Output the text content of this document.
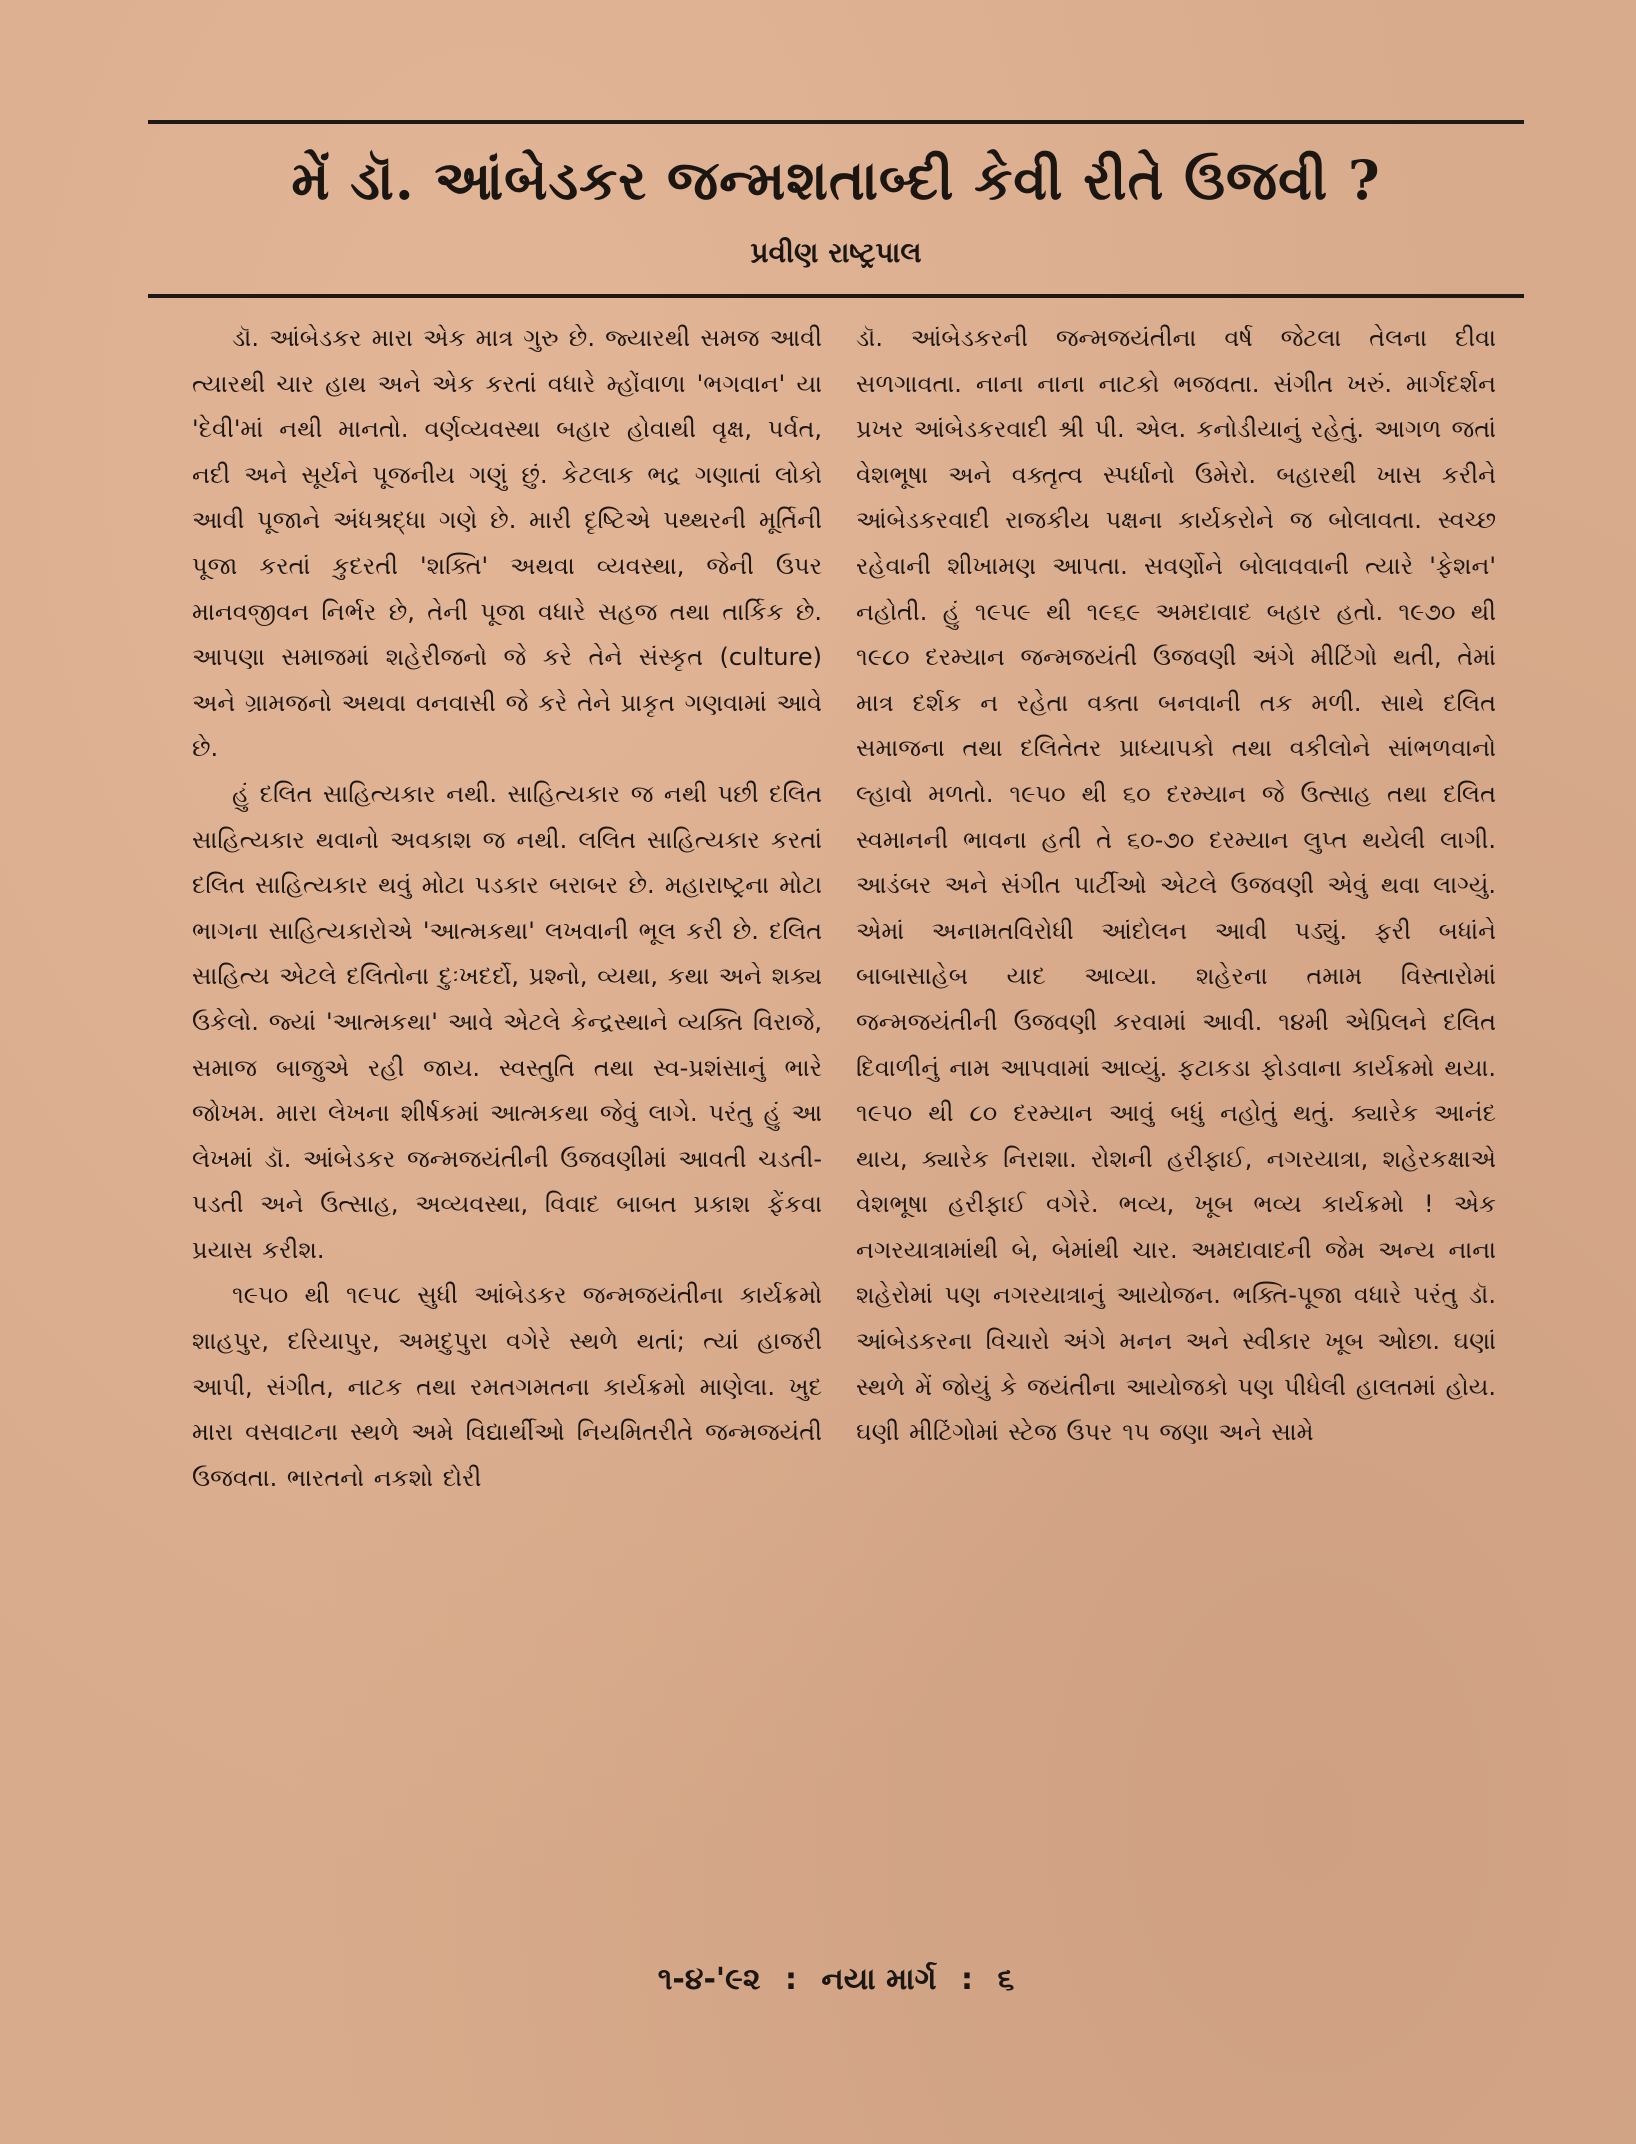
મેં ડૉ. આંબેડકર જન્મશતાબ્દી કેવી રીતે ઉજવી ?
પ્રવીણ રાષ્ટ્રપાલ

ડૉ. આંબેડકર મારા એક માત્ર ગુરુ છે. જ્યારથી સમજ આવી ત્યારથી ચાર હાથ અને એક કરતાં વધારે મ્હોંવાળા 'ભગવાન' યા 'દેવી'માં નથી માનતો. વર્ણવ્યવસ્થા બહાર હોવાથી વૃક્ષ, પર્વત, નદી અને સૂર્યને પૂજનીય ગણું છું. કેટલાક ભદ્ર ગણાતાં લોકો આવી પૂજાને અંધશ્રદ્ધા ગણે છે. મારી દૃષ્ટિએ પથ્થરની મૂર્તિની પૂજા કરતાં કુદરતી 'શક્તિ' અથવા વ્યવસ્થા, જેની ઉપર માનવજીવન નિર્ભર છે, તેની પૂજા વધારે સહજ તથા તાર્કિક છે. આપણા સમાજમાં શહેરીજનો જે કરે તેને સંસ્કૃત (culture) અને ગ્રામજનો અથવા વનવાસી જે કરે તેને પ્રાકૃત ગણવામાં આવે છે.

હું દલિત સાહિત્યકાર નથી. સાહિત્યકાર જ નથી પછી દલિત સાહિત્યકાર થવાનો અવકાશ જ નથી. લલિત સાહિત્યકાર કરતાં દલિત સાહિત્યકાર થવું મોટા પડકાર બરાબર છે. મહારાષ્ટ્રના મોટા ભાગના સાહિત્યકારોએ 'આત્મકથા' લખવાની ભૂલ કરી છે. દલિત સાહિત્ય એટલે દલિતોના દુઃખદર્દો, પ્રશ્નો, વ્યથા, કથા અને શક્ય ઉકેલો. જ્યાં 'આત્મકથા' આવે એટલે કેન્દ્રસ્થાને વ્યક્તિ વિરાજે, સમાજ બાજુએ રહી જાય. સ્વસ્તુતિ તથા સ્વ-પ્રશંસાનું ભારે જોખમ. મારા લેખના શીર્ષકમાં આત્મકથા જેવું લાગે. પરંતુ હું આ લેખમાં ડૉ. આંબેડકર જન્મજયંતીની ઉજવણીમાં આવતી ચડતી-પડતી અને ઉત્સાહ, અવ્યવસ્થા, વિવાદ બાબત પ્રકાશ ફેંકવા પ્રયાસ કરીશ.

૧૯૫૦ થી ૧૯૫૮ સુધી આંબેડકર જન્મજયંતીના કાર્યક્રમો શાહપુર, દરિયાપુર, અમદુપુરા વગેરે સ્થળે થતાં; ત્યાં હાજરી આપી, સંગીત, નાટક તથા રમતગમતના કાર્યક્રમો માણેલા. ખુદ મારા વસવાટના સ્થળે અમે વિદ્યાર્થીઓ નિયમિતરીતે જન્મજયંતી ઉજવતા. ભારતનો નકશો દોરી

ડૉ. આંબેડકરની જન્મજયંતીના વર્ષ જેટલા તેલના દીવા સળગાવતા. નાના નાના નાટકો ભજવતા. સંગીત ખરું. માર્ગદર્શન પ્રખર આંબેડકરવાદી શ્રી પી. એલ. કનોડીયાનું રહેતું. આગળ જતાં વેશભૂષા અને વક્તૃત્વ સ્પર્ધાનો ઉમેરો. બહારથી ખાસ કરીને આંબેડકરવાદી રાજકીય પક્ષના કાર્યકરોને જ બોલાવતા. સ્વચ્છ રહેવાની શીખામણ આપતા. સવર્ણોને બોલાવવાની ત્યારે 'ફેશન' નહોતી. હું ૧૯૫૯ થી ૧૯૬૯ અમદાવાદ બહાર હતો. ૧૯૭૦ થી ૧૯૮૦ દરમ્યાન જન્મજયંતી ઉજવણી અંગે મીટિંગો થતી, તેમાં માત્ર દર્શક ન રહેતા વક્તા બનવાની તક મળી. સાથે દલિત સમાજના તથા દલિતેતર પ્રાધ્યાપકો તથા વકીલોને સાંભળવાનો લ્હાવો મળતો. ૧૯૫૦ થી ૬૦ દરમ્યાન જે ઉત્સાહ તથા દલિત સ્વમાનની ભાવના હતી તે ૬૦-૭૦ દરમ્યાન લુપ્ત થયેલી લાગી. આડંબર અને સંગીત પાર્ટીઓ એટલે ઉજવણી એવું થવા લાગ્યું. એમાં અનામતવિરોધી આંદોલન આવી પડ્યું. ફરી બધાંને બાબાસાહેબ યાદ આવ્યા. શહેરના તમામ વિસ્તારોમાં જન્મજયંતીની ઉજવણી કરવામાં આવી. ૧૪મી એપ્રિલને દલિત દિવાળીનું નામ આપવામાં આવ્યું. ફટાકડા ફોડવાના કાર્યક્રમો થયા. ૧૯૫૦ થી ૮૦ દરમ્યાન આવું બધું નહોતું થતું. ક્યારેક આનંદ થાય, ક્યારેક નિરાશા. રોશની હરીફાઈ, નગરયાત્રા, શહેરકક્ષાએ વેશભૂષા હરીફાઈ વગેરે. ભવ્ય, ખૂબ ભવ્ય કાર્યક્રમો ! એક નગરયાત્રામાંથી બે, બેમાંથી ચાર. અમદાવાદની જેમ અન્ય નાના શહેરોમાં પણ નગરયાત્રાનું આયોજન. ભક્તિ-પૂજા વધારે પરંતુ ડૉ. આંબેડકરના વિચારો અંગે મનન અને સ્વીકાર ખૂબ ઓછા. ઘણાં સ્થળે મેં જોયું કે જયંતીના આયોજકો પણ પીધેલી હાલતમાં હોય. ઘણી મીટિંગોમાં સ્ટેજ ઉપર ૧૫ જણા અને સામે

૧-૪-'૯૨ : નયા માર્ગ : ૬
